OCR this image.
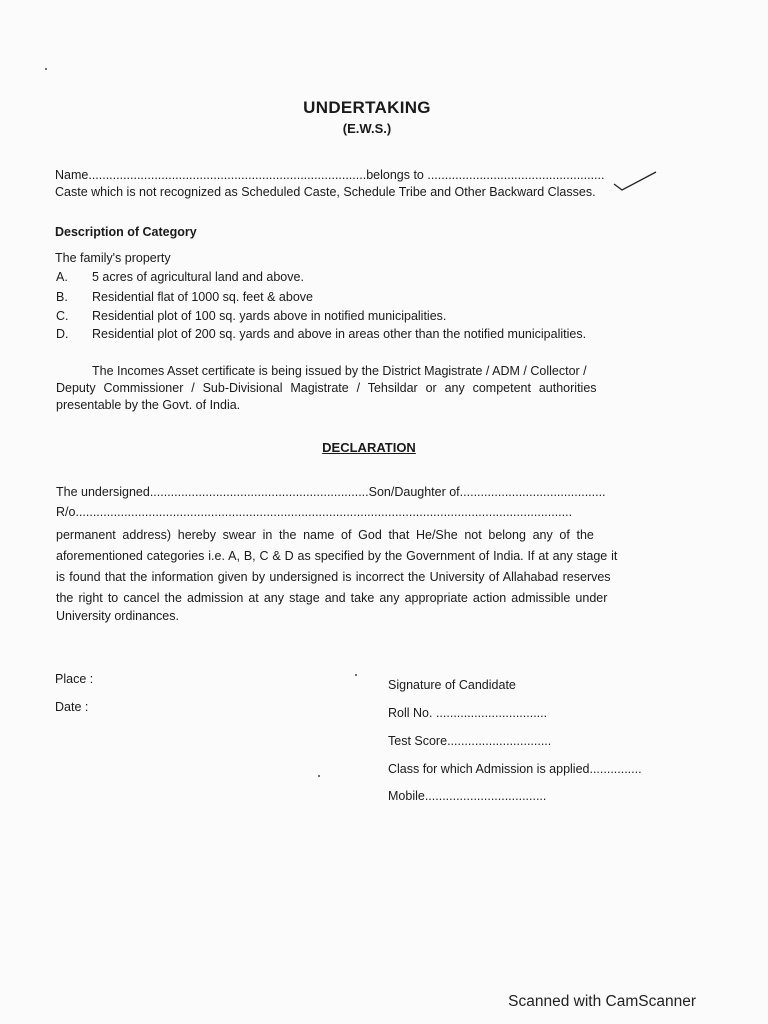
UNDERTAKING
(E.W.S.)
Name................................................................................belongs to ...................................................
Caste which is not recognized as Scheduled Caste, Schedule Tribe and Other Backward Classes.
Description of Category
The family's property
A. 5 acres of agricultural land and above.
B. Residential flat of 1000 sq. feet & above
C. Residential plot of 100 sq. yards above in notified municipalities.
D. Residential plot of 200 sq. yards and above in areas other than the notified municipalities.
The Incomes Asset certificate is being issued by the District Magistrate / ADM / Collector /
Deputy Commissioner / Sub-Divisional Magistrate / Tehsildar or any competent authorities
presentable by the Govt. of India.
DECLARATION
The undersigned...............................................................Son/Daughter of..........................................
R/o...............................................................................................................................................
permanent address) hereby swear in the name of God that He/She not belong any of the
aforementioned categories i.e. A, B, C & D as specified by the Government of India. If at any stage it
is found that the information given by undersigned is incorrect the University of Allahabad reserves
the right to cancel the admission at any stage and take any appropriate action admissible under
University ordinances.
Place :
Date :
Signature of Candidate
Roll No. ................................
Test Score..............................
Class for which Admission is applied...............
Mobile...................................
Scanned with CamScanner
